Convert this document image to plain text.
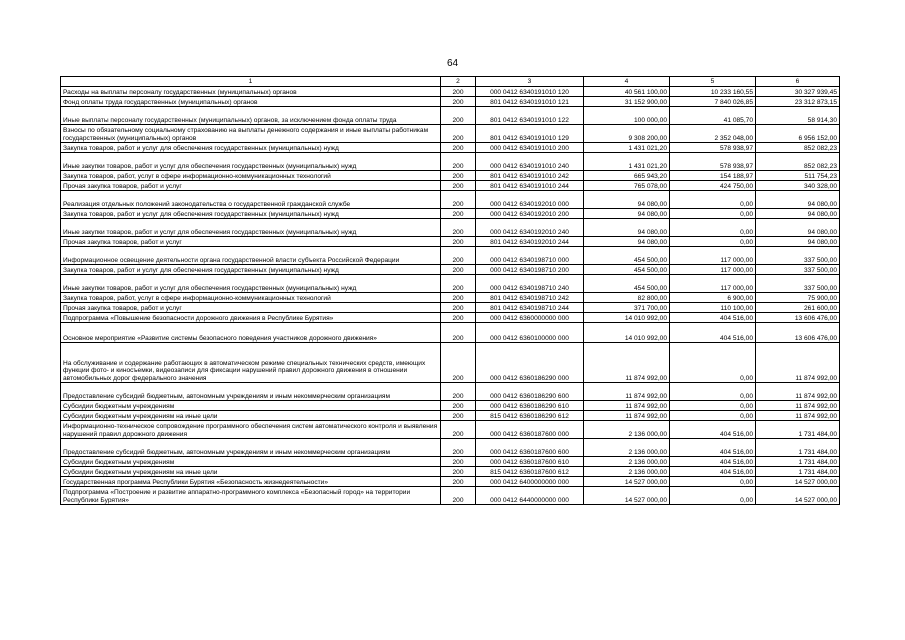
64
1	2	3	4	5	6
Расходы на выплаты персоналу государственных (муниципальных) органов	200	000 0412 6340191010 120	40 561 100,00	10 233 160,55	30 327 939,45
Фонд оплаты труда государственных (муниципальных) органов	200	801 0412 6340191010 121	31 152 900,00	7 840 026,85	23 312 873,15
Иные выплаты персоналу государственных (муниципальных) органов, за исключением фонда оплаты труда	200	801 0412 6340191010 122	100 000,00	41 085,70	58 914,30
Взносы по обязательному социальному страхованию на выплаты денежного содержания и иные выплаты работникам государственных (муниципальных) органов	200	801 0412 6340191010 129	9 308 200,00	2 352 048,00	6 956 152,00
Закупка товаров, работ и услуг для обеспечения государственных (муниципальных) нужд	200	000 0412 6340191010 200	1 431 021,20	578 938,97	852 082,23
Иные закупки товаров, работ и услуг для обеспечения государственных (муниципальных) нужд	200	000 0412 6340191010 240	1 431 021,20	578 938,97	852 082,23
Закупка товаров, работ, услуг в сфере информационно-коммуникационных технологий	200	801 0412 6340191010 242	665 943,20	154 188,97	511 754,23
Прочая закупка товаров, работ и услуг	200	801 0412 6340191010 244	765 078,00	424 750,00	340 328,00
Реализация отдельных положений законодательства о государственной гражданской службе	200	000 0412 6340192010 000	94 080,00	0,00	94 080,00
Закупка товаров, работ и услуг для обеспечения государственных (муниципальных) нужд	200	000 0412 6340192010 200	94 080,00	0,00	94 080,00
Иные закупки товаров, работ и услуг для обеспечения государственных (муниципальных) нужд	200	000 0412 6340192010 240	94 080,00	0,00	94 080,00
Прочая закупка товаров, работ и услуг	200	801 0412 6340192010 244	94 080,00	0,00	94 080,00
Информационное освещение деятельности органа государственной власти субъекта Российской Федерации	200	000 0412 6340198710 000	454 500,00	117 000,00	337 500,00
Закупка товаров, работ и услуг для обеспечения государственных (муниципальных) нужд	200	000 0412 6340198710 200	454 500,00	117 000,00	337 500,00
Иные закупки товаров, работ и услуг для обеспечения государственных (муниципальных) нужд	200	000 0412 6340198710 240	454 500,00	117 000,00	337 500,00
Закупка товаров, работ, услуг в сфере информационно-коммуникационных технологий	200	801 0412 6340198710 242	82 800,00	6 900,00	75 900,00
Прочая закупка товаров, работ и услуг	200	801 0412 6340198710 244	371 700,00	110 100,00	261 600,00
Подпрограмма «Повышение безопасности дорожного движения в Республике Бурятия»	200	000 0412 6360000000 000	14 010 992,00	404 516,00	13 606 476,00
Основное мероприятие «Развитие системы безопасного поведения участников дорожного движения»	200	000 0412 6360100000 000	14 010 992,00	404 516,00	13 606 476,00
На обслуживание и содержание работающих в автоматическом режиме специальных технических средств, имеющих функции фото- и киносъемки, видеозаписи для фиксации нарушений правил дорожного движения в отношении автомобильных дорог федерального значения	200	000 0412 6360186290 000	11 874 992,00	0,00	11 874 992,00
Предоставление субсидий бюджетным, автономным учреждениям и иным некоммерческим организациям	200	000 0412 6360186290 600	11 874 992,00	0,00	11 874 992,00
Субсидии бюджетным учреждениям	200	000 0412 6360186290 610	11 874 992,00	0,00	11 874 992,00
Субсидии бюджетным учреждениям на иные цели	200	815 0412 6360186290 612	11 874 992,00	0,00	11 874 992,00
Информационно-техническое сопровождение программного обеспечения систем автоматического контроля и выявления нарушений правил дорожного движения	200	000 0412 6360187600 000	2 136 000,00	404 516,00	1 731 484,00
Предоставление субсидий бюджетным, автономным учреждениям и иным некоммерческим организациям	200	000 0412 6360187600 600	2 136 000,00	404 516,00	1 731 484,00
Субсидии бюджетным учреждениям	200	000 0412 6360187600 610	2 136 000,00	404 516,00	1 731 484,00
Субсидии бюджетным учреждениям на иные цели	200	815 0412 6360187600 612	2 136 000,00	404 516,00	1 731 484,00
Государственная программа Республики Бурятия «Безопасность жизнедеятельности»	200	000 0412 6400000000 000	14 527 000,00	0,00	14 527 000,00
Подпрограмма «Построение и развитие аппаратно-программного комплекса «Безопасный город» на территории Республики Бурятия»	200	000 0412 6440000000 000	14 527 000,00	0,00	14 527 000,00
